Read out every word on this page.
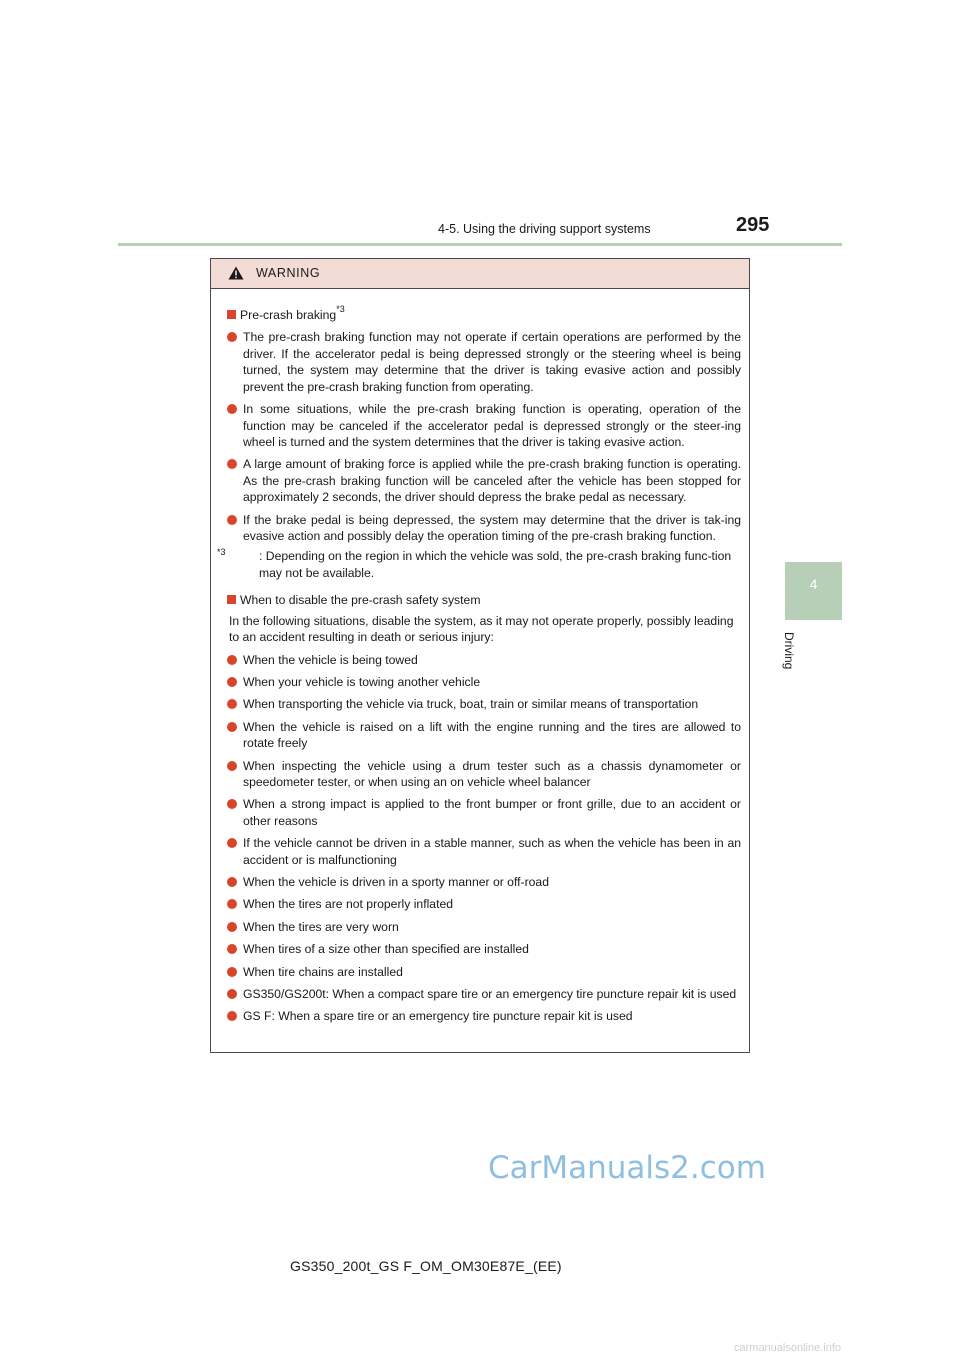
4-5. Using the driving support systems	295
4
Driving
WARNING
Pre-crash braking$^{*3}$
The pre-crash braking function may not operate if certain operations are performed by the driver. If the accelerator pedal is being depressed strongly or the steering wheel is being turned, the system may determine that the driver is taking evasive action and possibly prevent the pre-crash braking function from operating.
In some situations, while the pre-crash braking function is operating, operation of the function may be canceled if the accelerator pedal is depressed strongly or the steer-ing wheel is turned and the system determines that the driver is taking evasive action.
A large amount of braking force is applied while the pre-crash braking function is operating. As the pre-crash braking function will be canceled after the vehicle has been stopped for approximately 2 seconds, the driver should depress the brake pedal as necessary.
If the brake pedal is being depressed, the system may determine that the driver is tak-ing evasive action and possibly delay the operation timing of the pre-crash braking function.
$^{*3}$	: Depending on the region in which the vehicle was sold, the pre-crash braking func-tion may not be available.
When to disable the pre-crash safety system
In the following situations, disable the system, as it may not operate properly, possibly leading to an accident resulting in death or serious injury:
When the vehicle is being towed
When your vehicle is towing another vehicle
When transporting the vehicle via truck, boat, train or similar means of transportation
When the vehicle is raised on a lift with the engine running and the tires are allowed to rotate freely
When inspecting the vehicle using a drum tester such as a chassis dynamometer or speedometer tester, or when using an on vehicle wheel balancer
When a strong impact is applied to the front bumper or front grille, due to an accident or other reasons
If the vehicle cannot be driven in a stable manner, such as when the vehicle has been in an accident or is malfunctioning
When the vehicle is driven in a sporty manner or off-road
When the tires are not properly inflated
When the tires are very worn
When tires of a size other than specified are installed
When tire chains are installed
GS350/GS200t: When a compact spare tire or an emergency tire puncture repair kit is used
GS F: When a spare tire or an emergency tire puncture repair kit is used
CarManuals2.com
GS350_200t_GS F_OM_OM30E87E_(EE)
carmanualsonline.info
